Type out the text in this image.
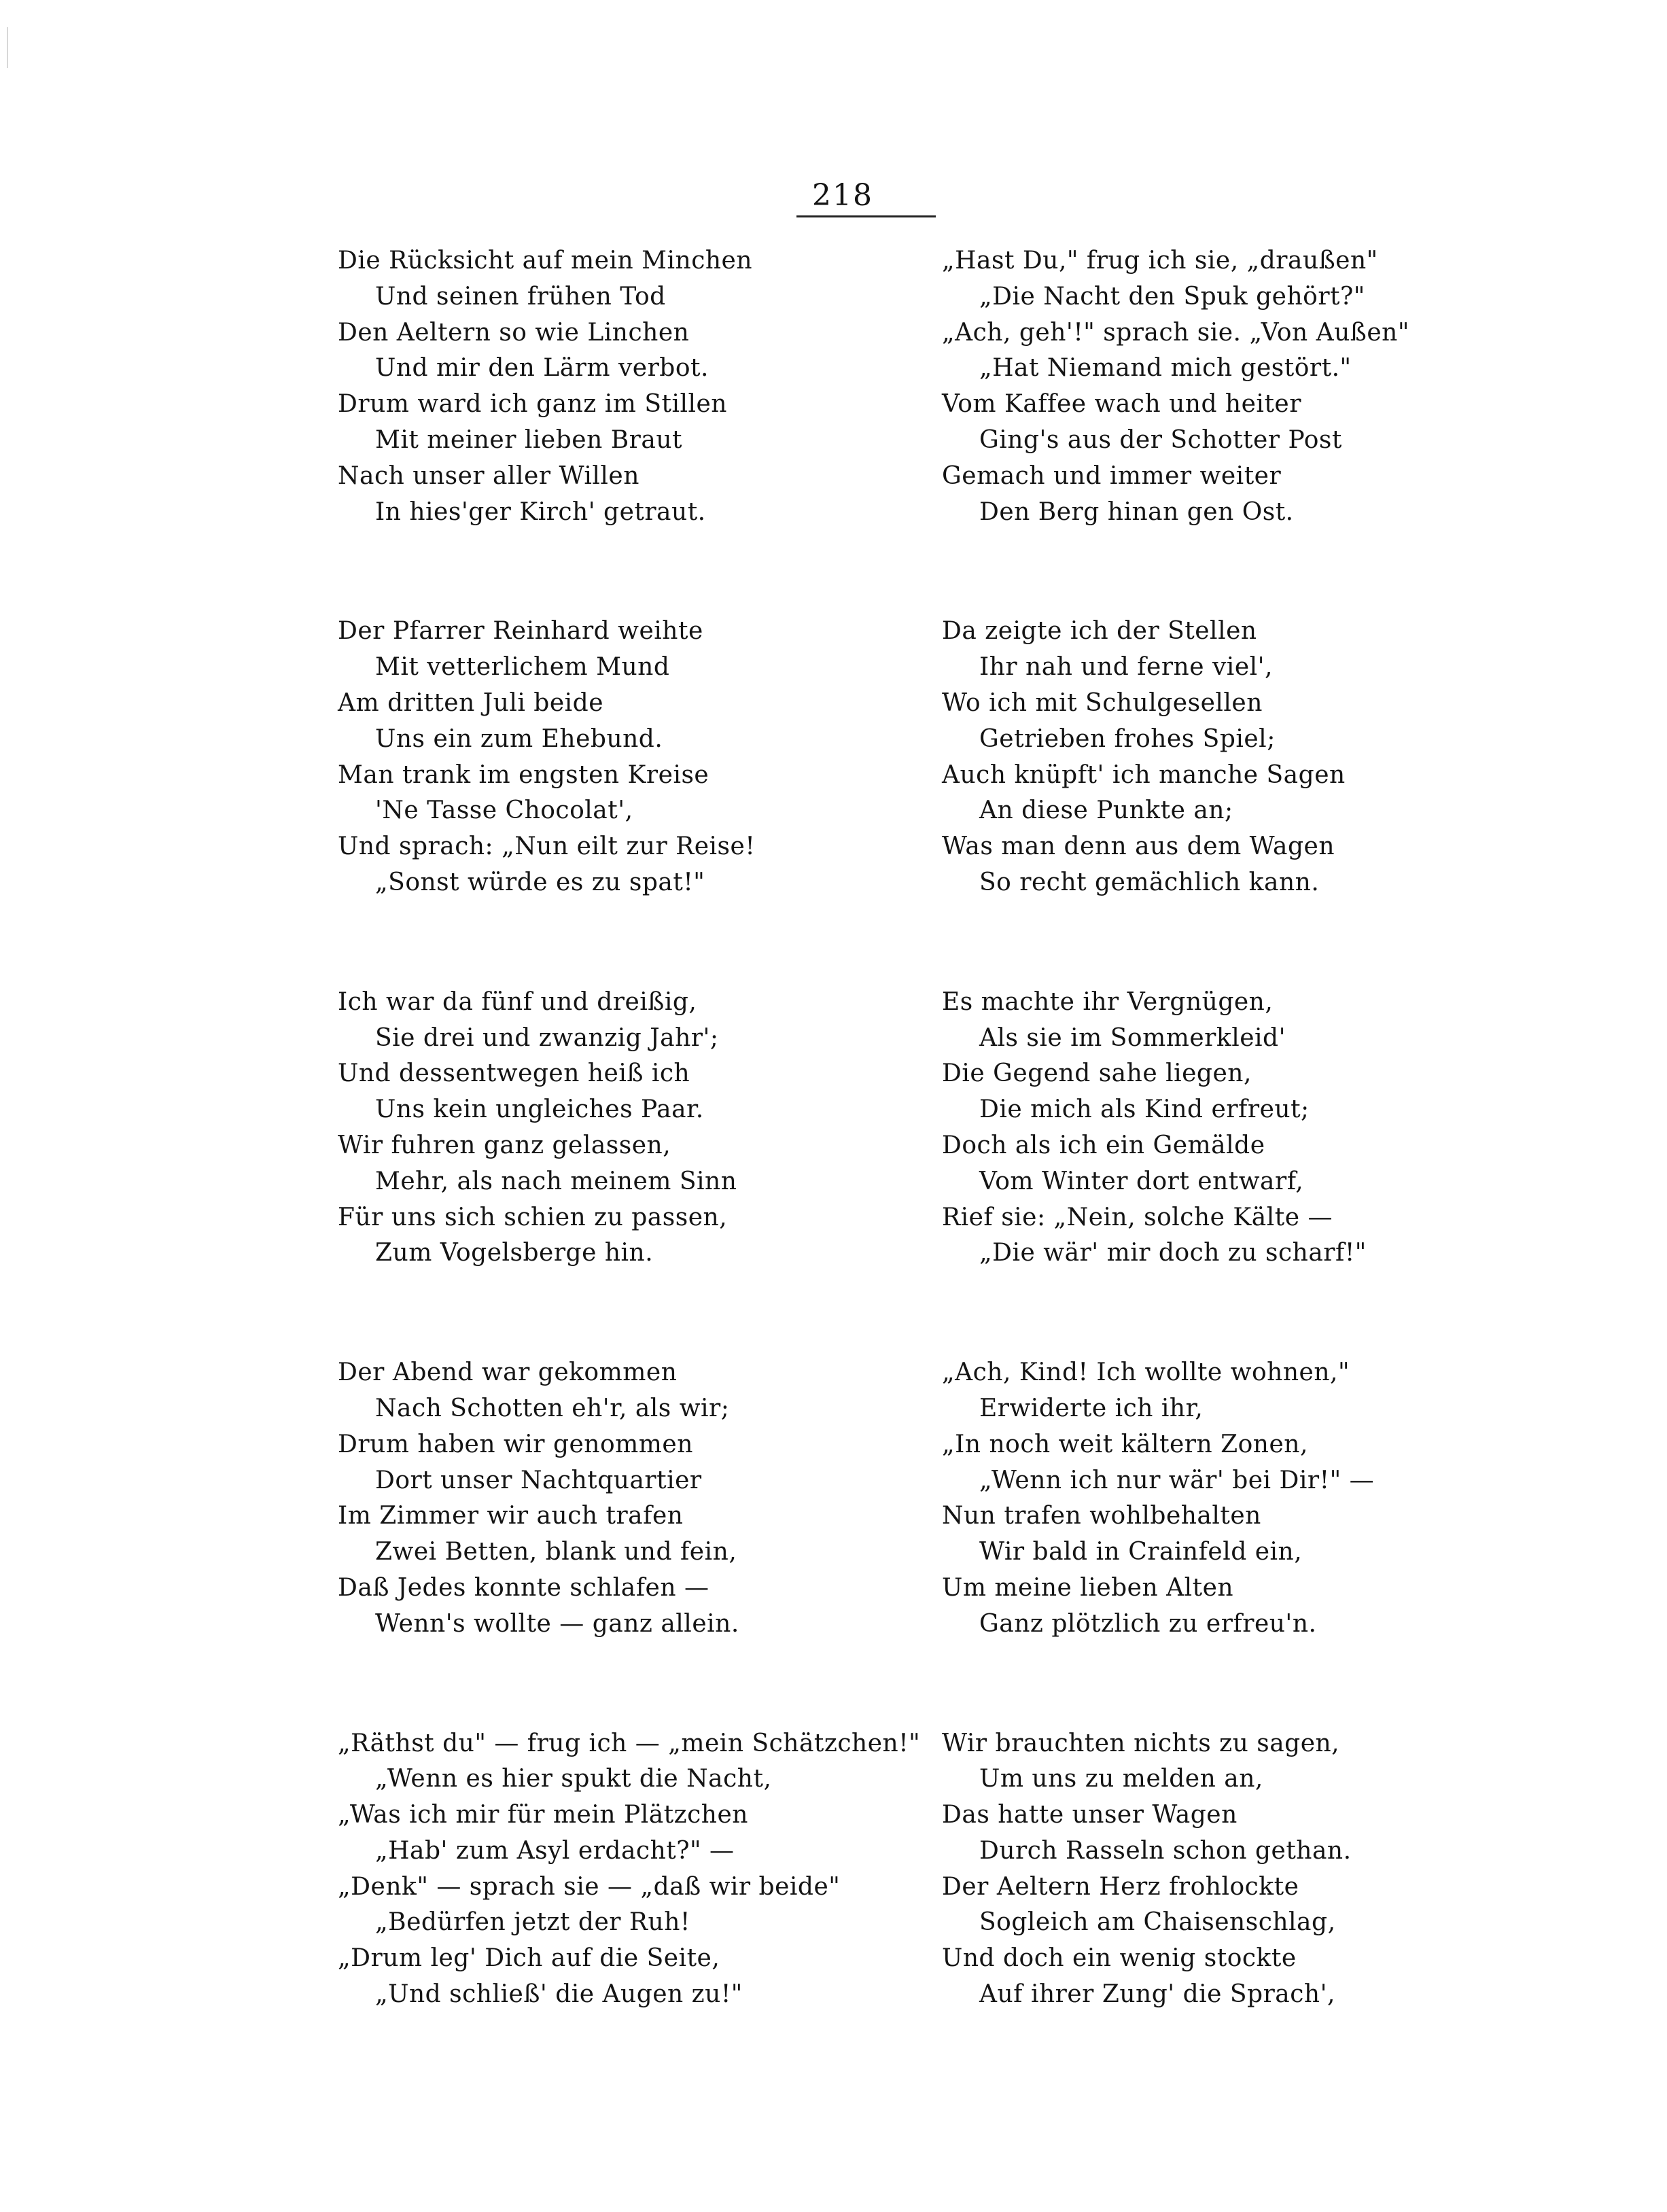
218
Die Rücksicht auf mein Minchen
Und seinen frühen Tod
Den Aeltern so wie Linchen
Und mir den Lärm verbot.
Drum ward ich ganz im Stillen
Mit meiner lieben Braut
Nach unser aller Willen
In hies'ger Kirch' getraut.
Der Pfarrer Reinhard weihte
Mit vetterlichem Mund
Am dritten Juli beide
Uns ein zum Ehebund.
Man trank im engsten Kreise
'Ne Tasse Chocolat',
Und sprach: „Nun eilt zur Reise!
„Sonst würde es zu spat!"
Ich war da fünf und dreißig,
Sie drei und zwanzig Jahr';
Und dessentwegen heiß ich
Uns kein ungleiches Paar.
Wir fuhren ganz gelassen,
Mehr, als nach meinem Sinn
Für uns sich schien zu passen,
Zum Vogelsberge hin.
Der Abend war gekommen
Nach Schotten eh'r, als wir;
Drum haben wir genommen
Dort unser Nachtquartier
Im Zimmer wir auch trafen
Zwei Betten, blank und fein,
Daß Jedes konnte schlafen —
Wenn's wollte — ganz allein.
„Räthst du" — frug ich — „mein Schätzchen!"
„Wenn es hier spukt die Nacht,
„Was ich mir für mein Plätzchen
„Hab' zum Asyl erdacht?" —
„Denk" — sprach sie — „daß wir beide"
„Bedürfen jetzt der Ruh!
„Drum leg' Dich auf die Seite,
„Und schließ' die Augen zu!"
„Hast Du," frug ich sie, „draußen"
„Die Nacht den Spuk gehört?"
„Ach, geh'!" sprach sie. „Von Außen"
„Hat Niemand mich gestört."
Vom Kaffee wach und heiter
Ging's aus der Schotter Post
Gemach und immer weiter
Den Berg hinan gen Ost.
Da zeigte ich der Stellen
Ihr nah und ferne viel',
Wo ich mit Schulgesellen
Getrieben frohes Spiel;
Auch knüpft' ich manche Sagen
An diese Punkte an;
Was man denn aus dem Wagen
So recht gemächlich kann.
Es machte ihr Vergnügen,
Als sie im Sommerkleid'
Die Gegend sahe liegen,
Die mich als Kind erfreut;
Doch als ich ein Gemälde
Vom Winter dort entwarf,
Rief sie: „Nein, solche Kälte —
„Die wär' mir doch zu scharf!"
„Ach, Kind! Ich wollte wohnen,"
Erwiderte ich ihr,
„In noch weit kältern Zonen,
„Wenn ich nur wär' bei Dir!" —
Nun trafen wohlbehalten
Wir bald in Crainfeld ein,
Um meine lieben Alten
Ganz plötzlich zu erfreu'n.
Wir brauchten nichts zu sagen,
Um uns zu melden an,
Das hatte unser Wagen
Durch Rasseln schon gethan.
Der Aeltern Herz frohlockte
Sogleich am Chaisenschlag,
Und doch ein wenig stockte
Auf ihrer Zung' die Sprach',
